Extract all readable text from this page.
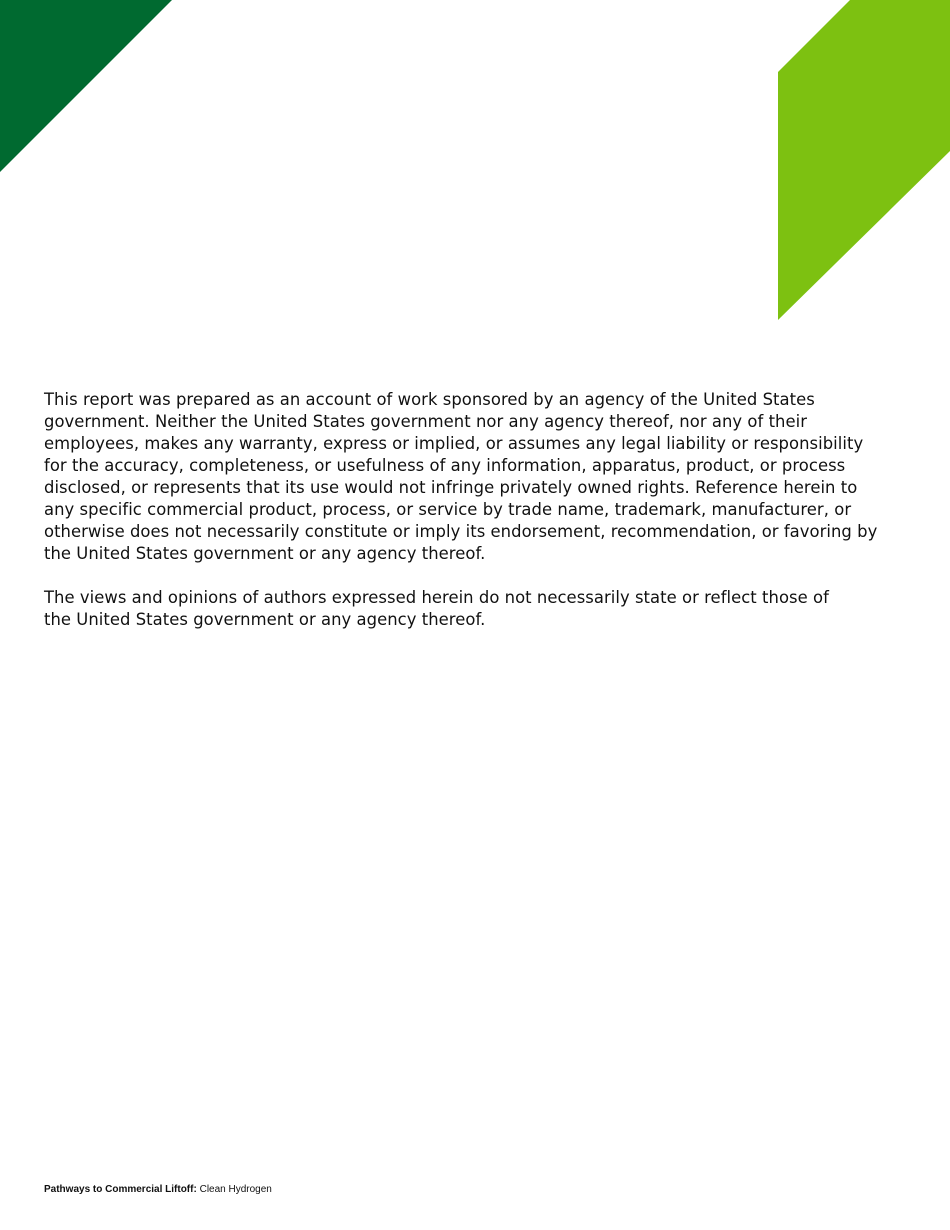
This report was prepared as an account of work sponsored by an agency of the United States government. Neither the United States government nor any agency thereof, nor any of their employees, makes any warranty, express or implied, or assumes any legal liability or responsibility for the accuracy, completeness, or usefulness of any information, apparatus, product, or process disclosed, or represents that its use would not infringe privately owned rights. Reference herein to any specific commercial product, process, or service by trade name, trademark, manufacturer, or otherwise does not necessarily constitute or imply its endorsement, recommendation, or favoring by the United States government or any agency thereof.

The views and opinions of authors expressed herein do not necessarily state or reflect those of the United States government or any agency thereof.

Pathways to Commercial Liftoff: Clean Hydrogen
